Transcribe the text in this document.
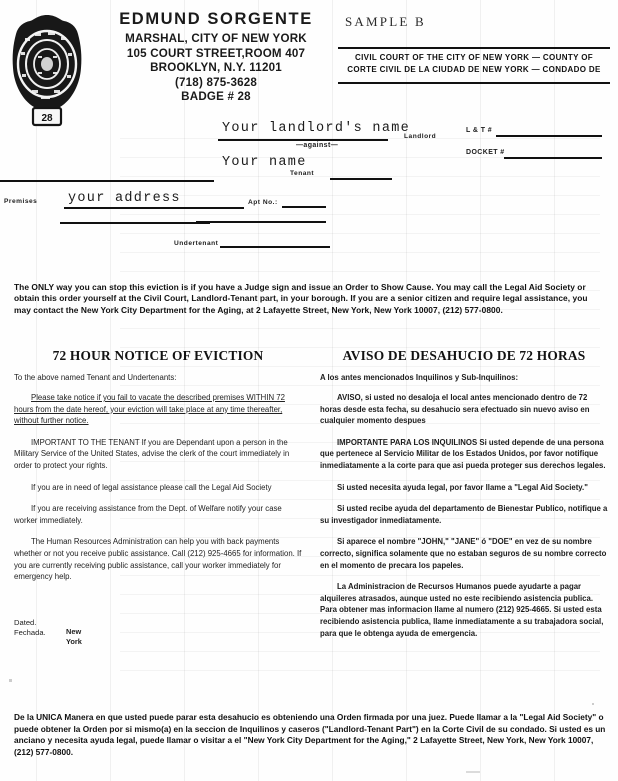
28
EDMUND SORGENTE
MARSHAL, CITY OF NEW YORK
105 COURT STREET,ROOM 407
BROOKLYN, N.Y. 11201
(718) 875-3628
BADGE # 28
SAMPLE B
CIVIL COURT OF THE CITY OF NEW YORK — COUNTY OF
CORTE CIVIL DE LA CIUDAD DE NEW YORK — CONDADO DE
Your landlord's name
Landlord
—against—
Your name
Tenant
Premises your address	Apt No.:
Undertenant
L & T #
DOCKET #
The ONLY way you can stop this eviction is if you have a Judge sign and issue an Order to Show Cause. You may call the Legal Aid Society or obtain this order yourself at the Civil Court, Landlord-Tenant part, in your borough. If you are a senior citizen and require legal assistance, you may contact the New York City Department for the Aging, at 2 Lafayette Street, New York, New York 10007, (212) 577-0800.
72 HOUR NOTICE OF EVICTION
To the above named Tenant and Undertenants:

Please take notice if you fail to vacate the described premises WITHIN 72 hours from the date hereof, your eviction will take place at any time thereafter, without further notice.

IMPORTANT TO THE TENANT If you are Dependant upon a person in the Military Service of the United States, advise the clerk of the court immediately in order to protect your rights.

If you are in need of legal assistance please call the Legal Aid Society

If you are receiving assistance from the Dept. of Welfare notify your case worker immediately.

The Human Resources Administration can help you with back payments whether or not you receive public assistance. Call (212) 925-4665 for information. If you are currently receiving public assistance, call your worker immediately for emergency help.

Dated.
Fechada.	New York
AVISO DE DESAHUCIO DE 72 HORAS
A los antes mencionados Inquilinos y Sub-Inquilinos:

AVISO, si usted no desaloja el local antes mencionado dentro de 72 horas desde esta fecha, su desahucio sera efectuado sin nuevo aviso en cualquier momento despues

IMPORTANTE PARA LOS INQUILINOS Si usted depende de una persona que pertenece al Servicio Militar de los Estados Unidos, por favor notifique inmediatamente a la corte para que asi pueda proteger sus derechos legales.

Si usted necesita ayuda legal, por favor llame a "Legal Aid Society."

Si usted recibe ayuda del departamento de Bienestar Publico, notifique a su investigador inmediatamente.

Si aparece el nombre "JOHN," "JANE" ó "DOE" en vez de su nombre correcto, significa solamente que no estaban seguros de su nombre correcto en el momento de precara los papeles.

La Administracion de Recursos Humanos puede ayudarte a pagar alquileres atrasados, aunque usted no este recibiendo asistencia publica. Para obtener mas informacion llame al numero (212) 925-4665. Si usted esta recibiendo asistencia publica, llame inmediatamente a su trabajadora social, para que le obtenga ayuda de emergencia.

De la UNICA Manera en que usted puede parar esta desahucio es obteniendo una Orden firmada por una juez. Puede llamar a la "Legal Aid Society" o puede obtener la Orden por si mismo(a) en la seccion de Inquilinos y caseros ("Landlord-Tenant Part") en la Corte Civil de su condado. Si usted es un anciano y necesita ayuda legal, puede llamar o visitar a el "New York City Department for the Aging," 2 Lafayette Street, New York, New York 10007, (212) 577-0800.
